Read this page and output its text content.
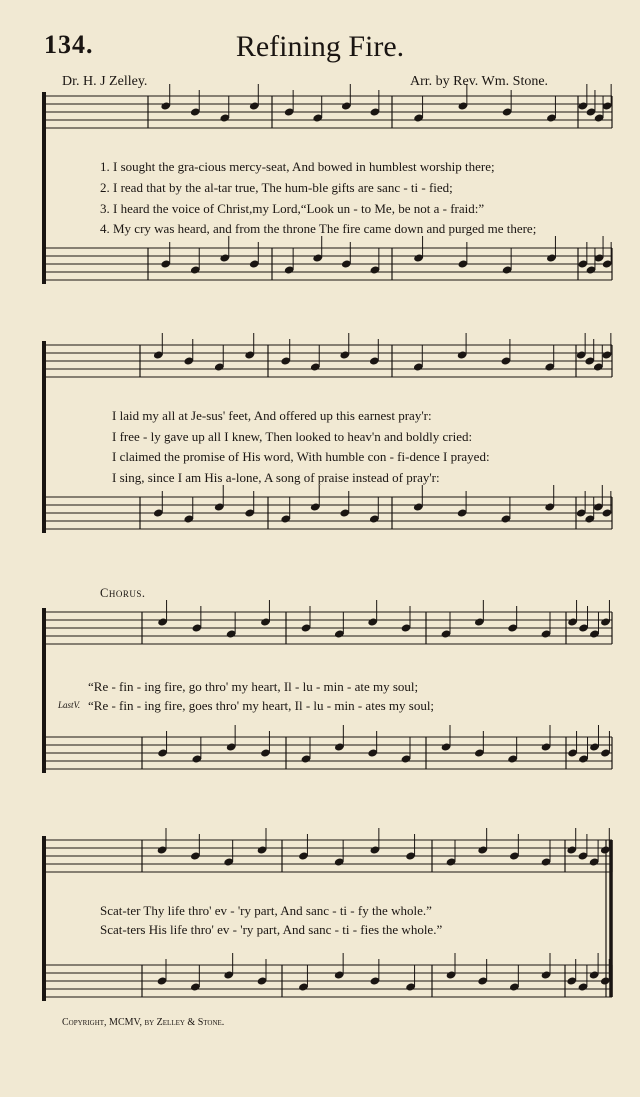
134.	Refining Fire.
Dr. H. J Zelley.	Arr. by Rev. Wm. Stone.
1. I sought the gra-cious mercy-seat, And bowed in humblest worship there;
2. I read that by the al-tar true, The hum-ble gifts are sanc - ti - fied;
3. I heard the voice of Christ,my Lord,“Look un - to Me, be not a - fraid:”
4. My cry was heard, and from the throne The fire came down and purged me there;
I laid my all at Je-sus' feet, And offered up this earnest pray'r:
I free - ly gave up all I knew, Then looked to heav'n and boldly cried:
I claimed the promise of His word, With humble con - fi-dence I prayed:
I sing, since I am His a-lone, A song of praise instead of pray'r:
Chorus.
“Re - fin - ing fire, go thro' my heart, Il - lu - min - ate my soul;
LastV. “Re - fin - ing fire, goes thro' my heart, Il - lu - min - ates my soul;
Scat-ter Thy life thro' ev - 'ry part, And sanc - ti - fy the whole.”
Scat-ters His life thro' ev - 'ry part, And sanc - ti - fies the whole.”
Copyright, MCMV, by Zelley & Stone.
